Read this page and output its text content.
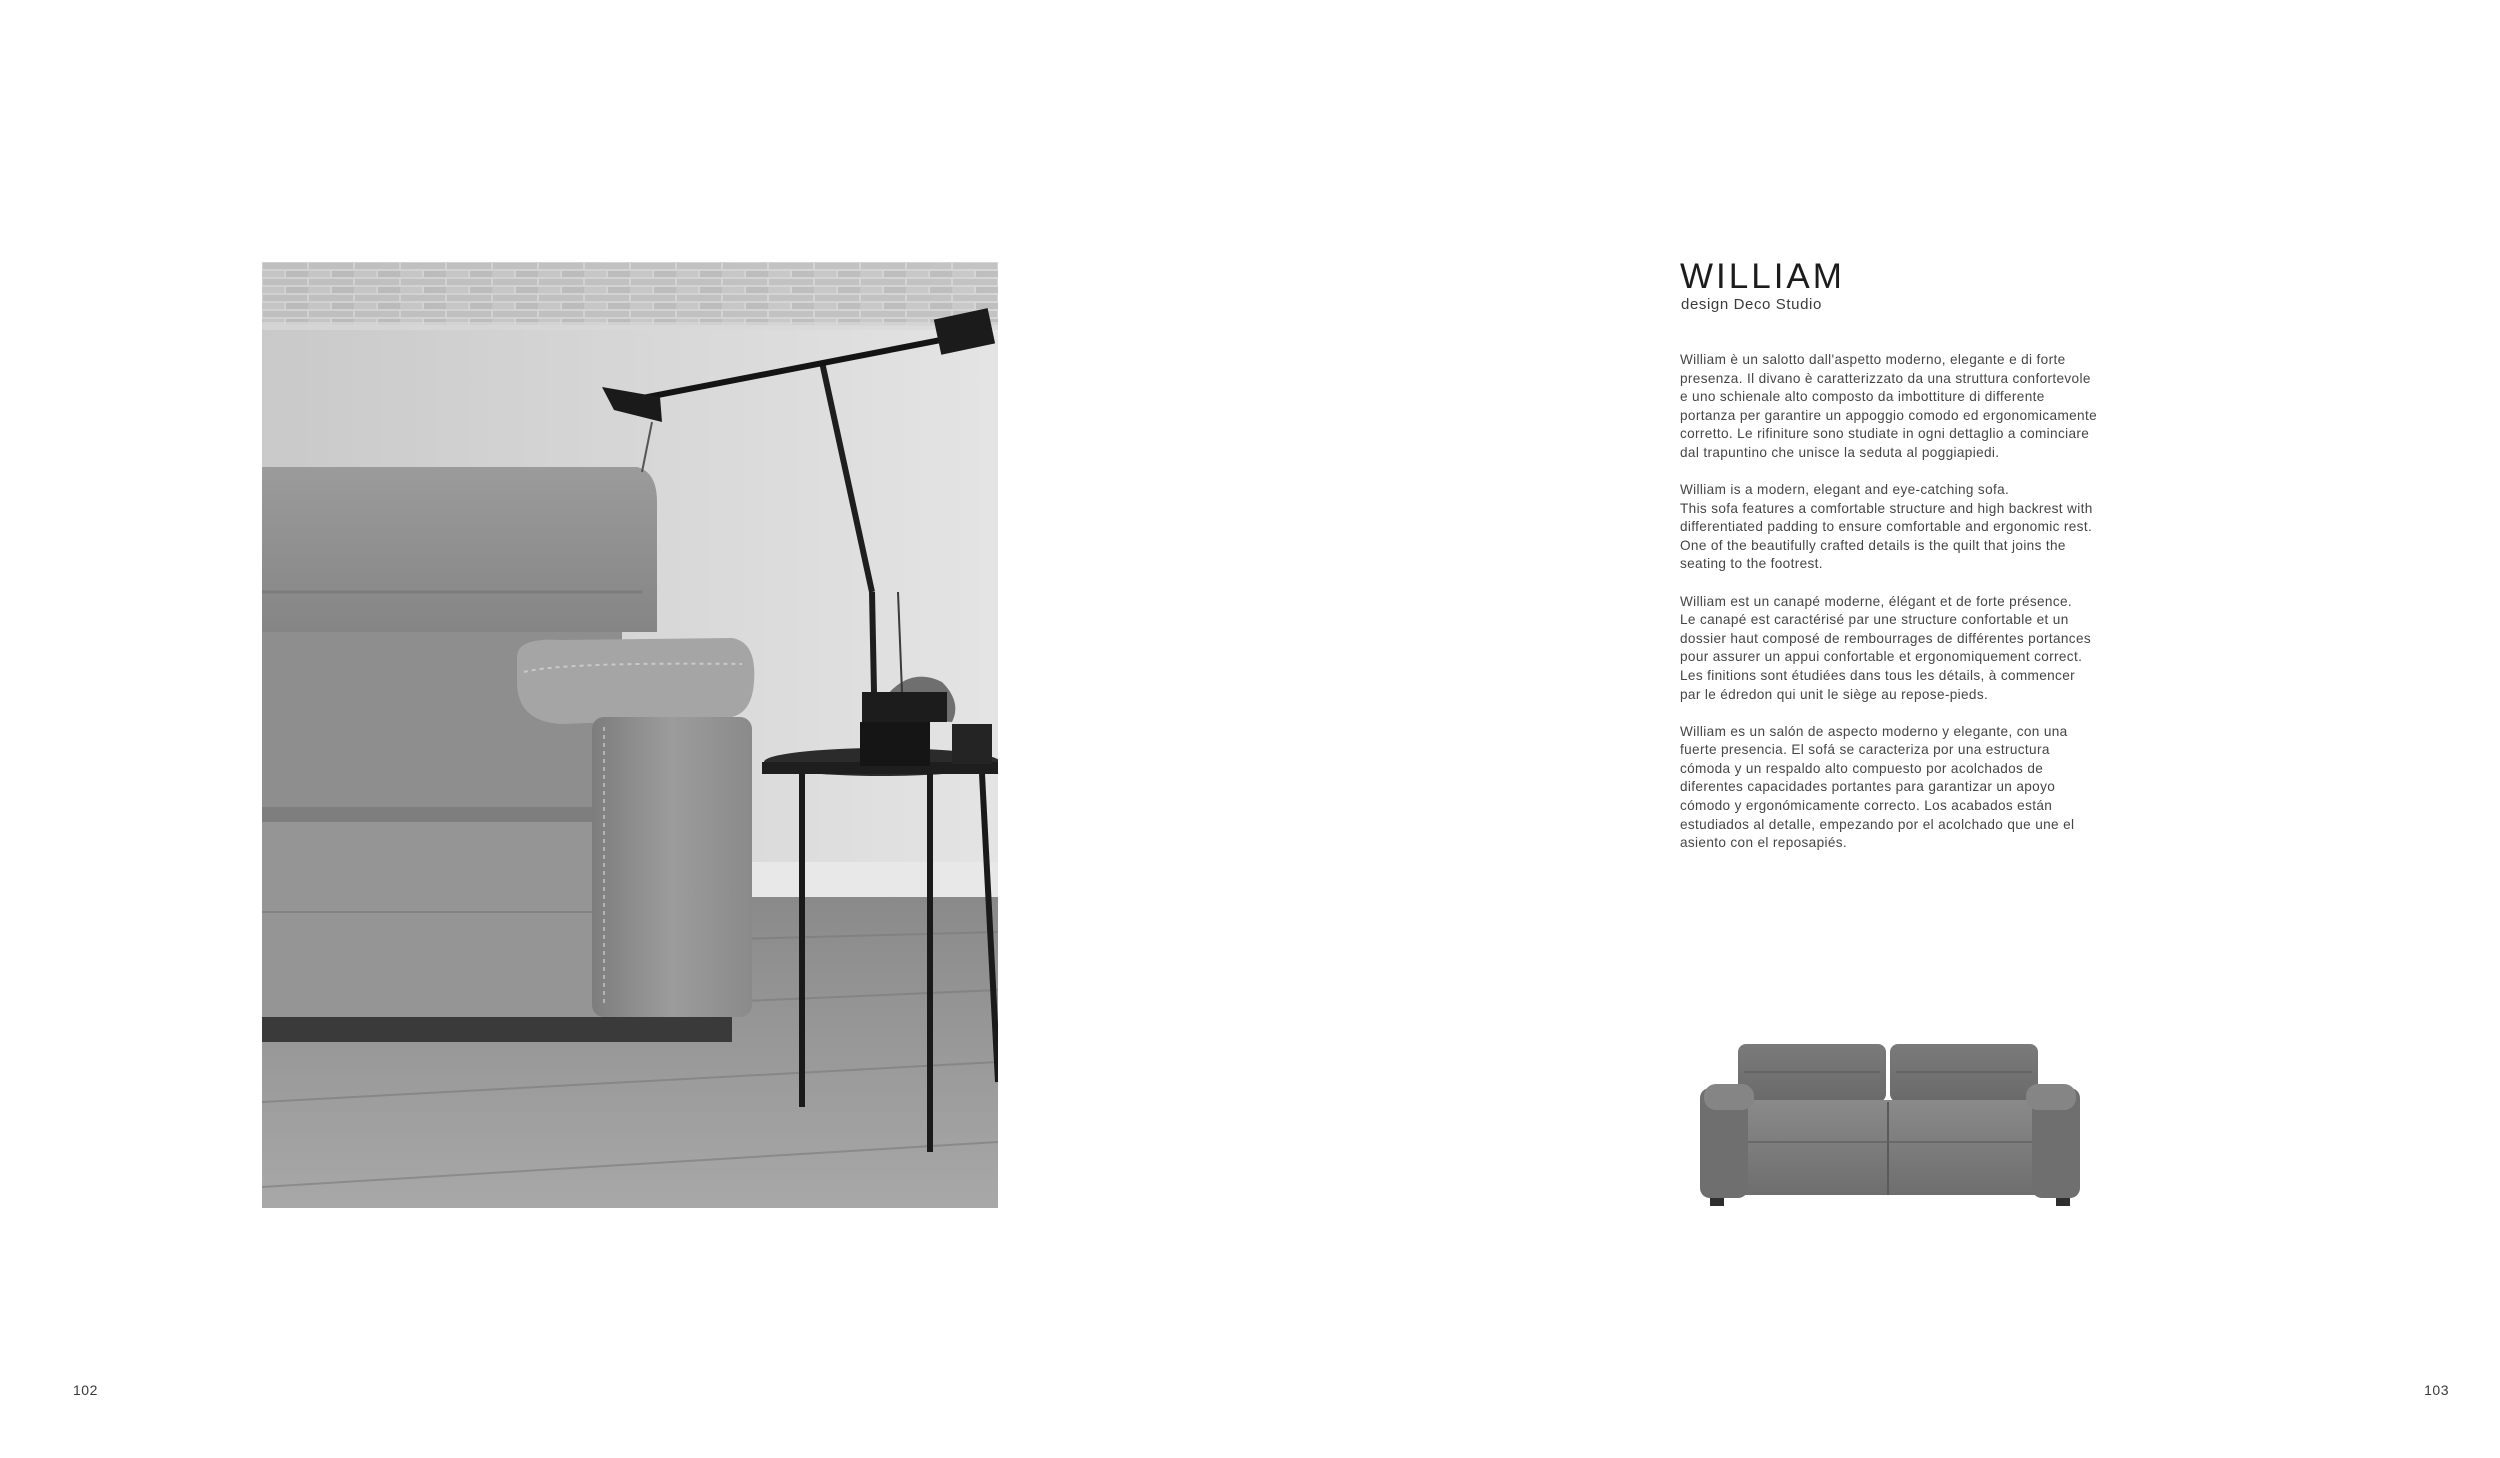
WILLIAM
design Deco Studio

William è un salotto dall'aspetto moderno, elegante e di forte
presenza. Il divano è caratterizzato da una struttura confortevole
e uno schienale alto composto da imbottiture di differente
portanza per garantire un appoggio comodo ed ergonomicamente
corretto. Le rifiniture sono studiate in ogni dettaglio a cominciare
dal trapuntino che unisce la seduta al poggiapiedi.

William is a modern, elegant and eye-catching sofa.
This sofa features a comfortable structure and high backrest with
differentiated padding to ensure comfortable and ergonomic rest.
One of the beautifully crafted details is the quilt that joins the
seating to the footrest.

William est un canapé moderne, élégant et de forte présence.
Le canapé est caractérisé par une structure confortable et un
dossier haut composé de rembourrages de différentes portances
pour assurer un appui confortable et ergonomiquement correct.
Les finitions sont étudiées dans tous les détails, à commencer
par le édredon qui unit le siège au repose-pieds.

William es un salón de aspecto moderno y elegante, con una
fuerte presencia. El sofá se caracteriza por una estructura
cómoda y un respaldo alto compuesto por acolchados de
diferentes capacidades portantes para garantizar un apoyo
cómodo y ergonómicamente correcto. Los acabados están
estudiados al detalle, empezando por el acolchado que une el
asiento con el reposapiés.

102	103
